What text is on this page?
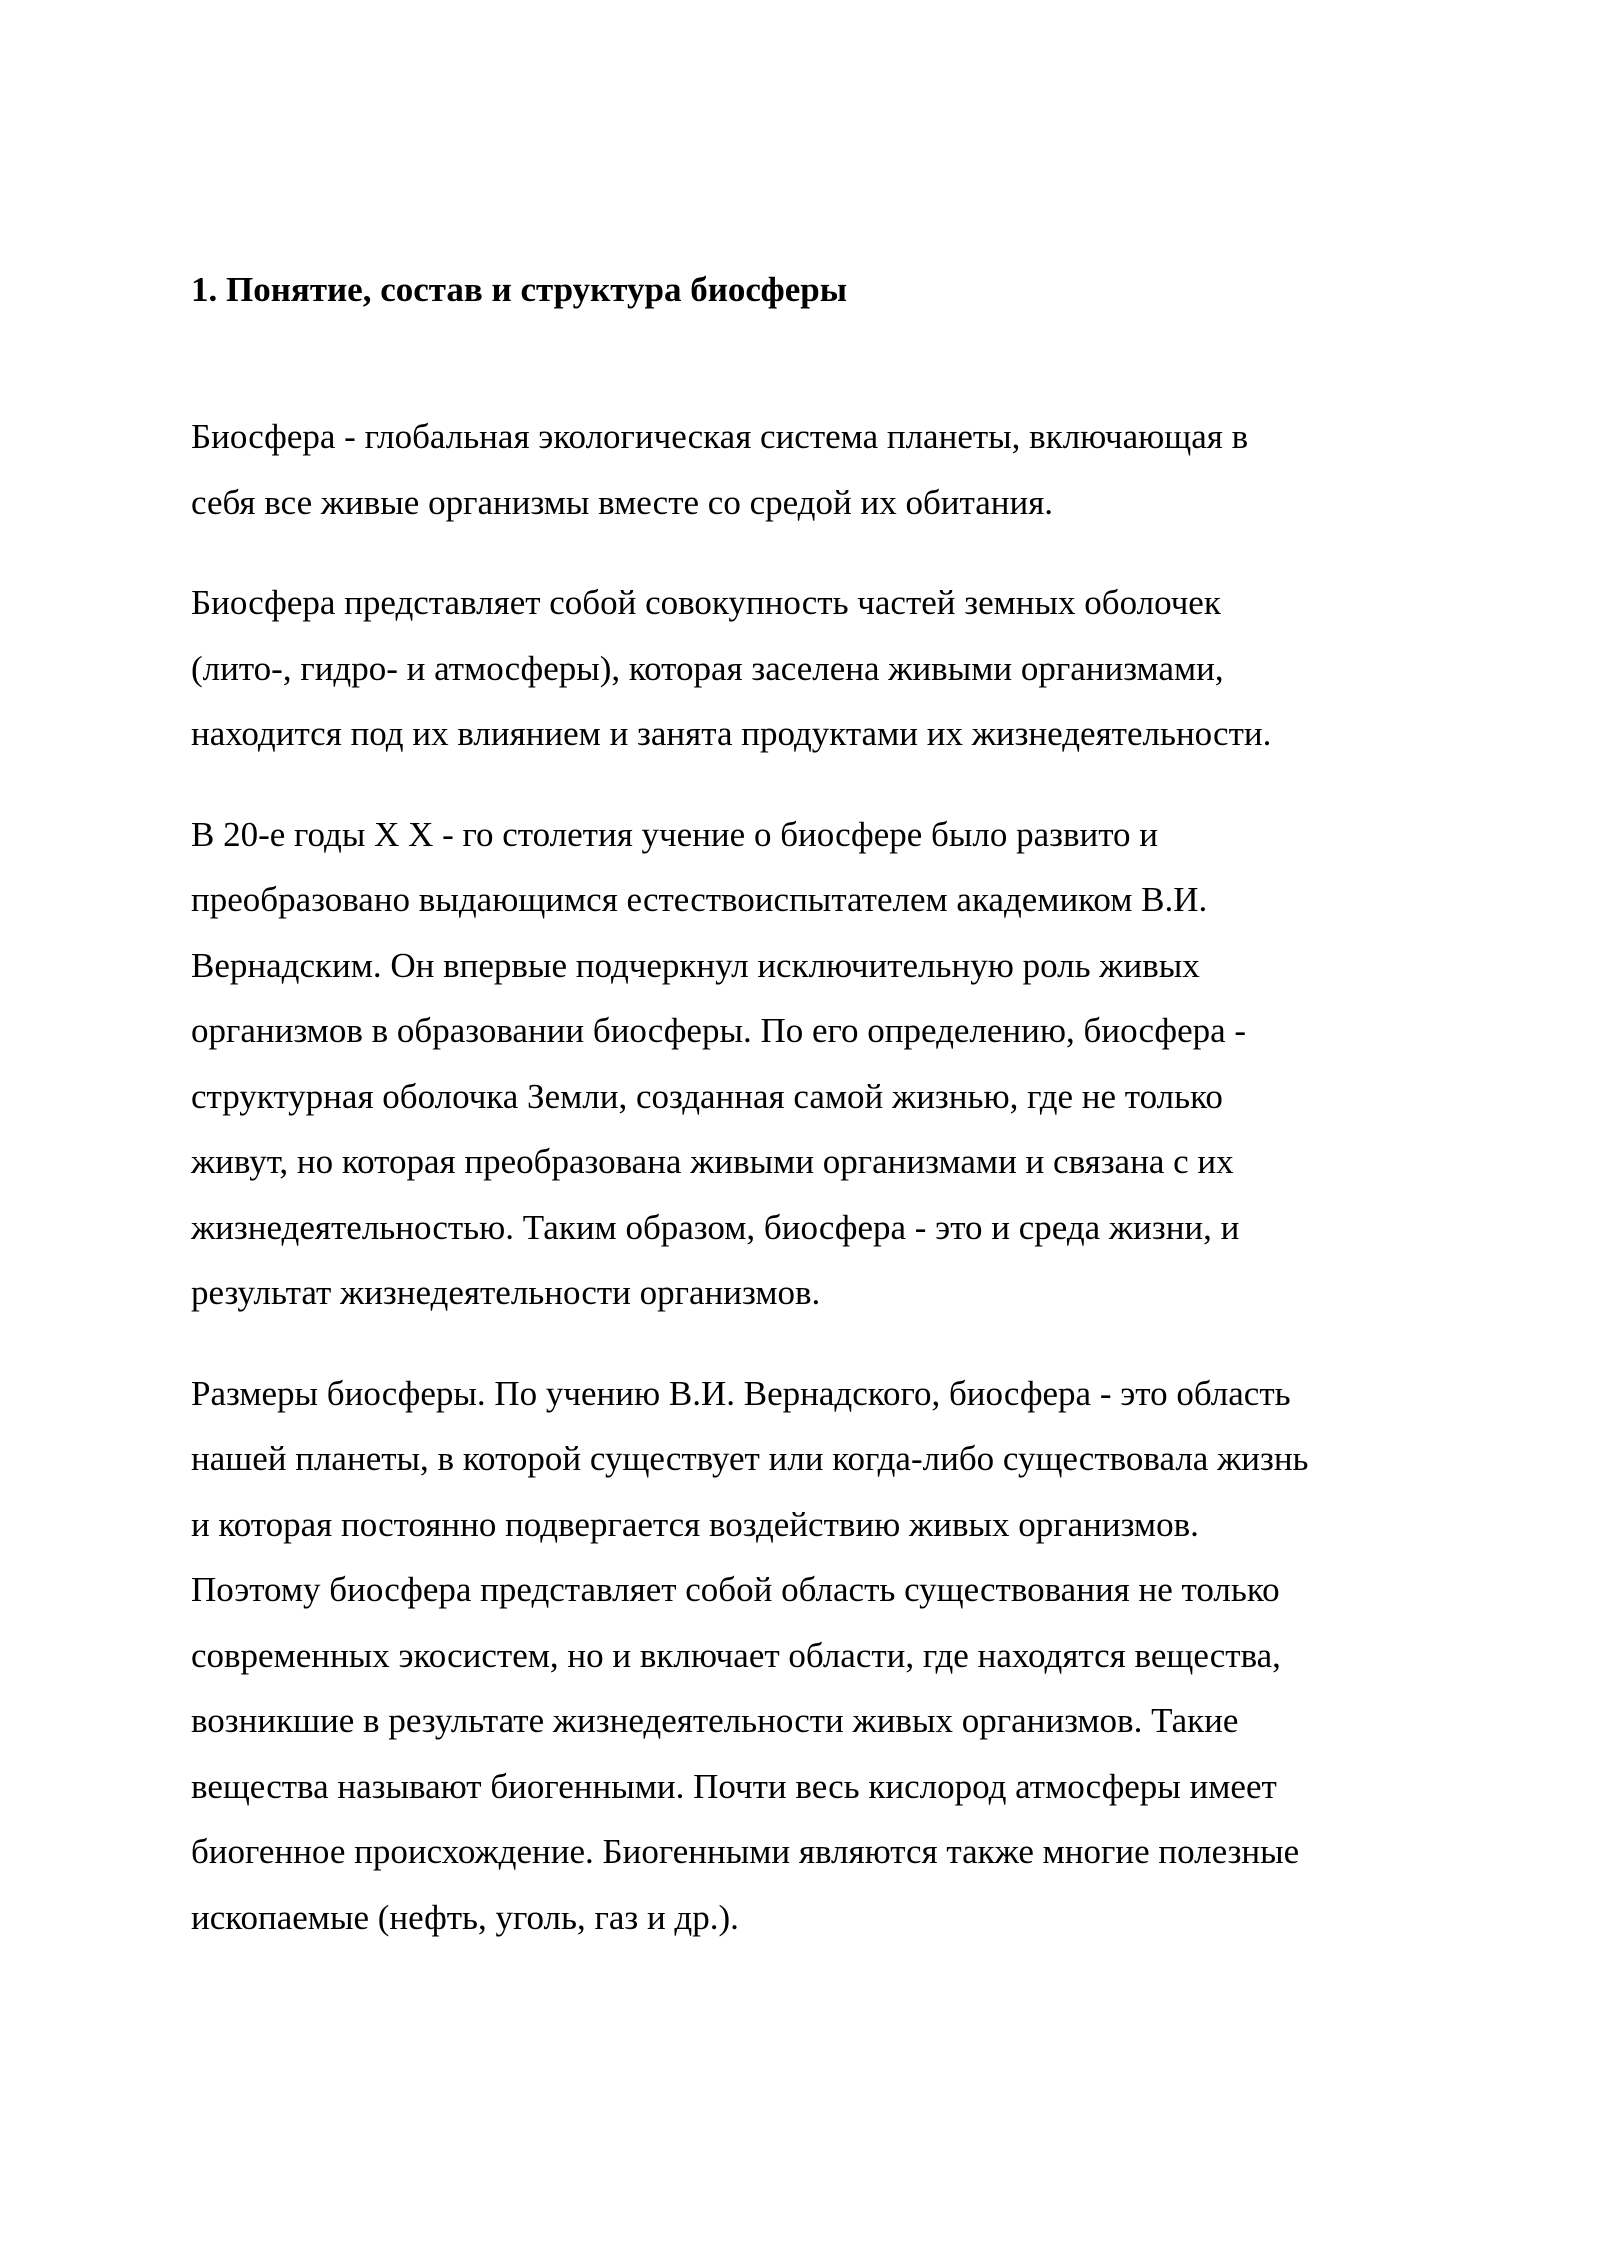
1. Понятие, состав и структура биосферы

Биосфера - глобальная экологическая система планеты, включающая в
себя все живые организмы вместе со средой их обитания.

Биосфера представляет собой совокупность частей земных оболочек
(лито-, гидро- и атмосферы), которая заселена живыми организмами,
находится под их влиянием и занята продуктами их жизнедеятельности.

В 20-е годы X X - го столетия учение о биосфере было развито и
преобразовано выдающимся естествоиспытателем академиком В.И.
Вернадским. Он впервые подчеркнул исключительную роль живых
организмов в образовании биосферы. По его определению, биосфера -
структурная оболочка Земли, созданная самой жизнью, где не только
живут, но которая преобразована живыми организмами и связана с их
жизнедеятельностью. Таким образом, биосфера - это и среда жизни, и
результат жизнедеятельности организмов.

Размеры биосферы. По учению В.И. Вернадского, биосфера - это область
нашей планеты, в которой существует или когда-либо существовала жизнь
и которая постоянно подвергается воздействию живых организмов.
Поэтому биосфера представляет собой область существования не только
современных экосистем, но и включает области, где находятся вещества,
возникшие в результате жизнедеятельности живых организмов. Такие
вещества называют биогенными. Почти весь кислород атмосферы имеет
биогенное происхождение. Биогенными являются также многие полезные
ископаемые (нефть, уголь, газ и др.).
